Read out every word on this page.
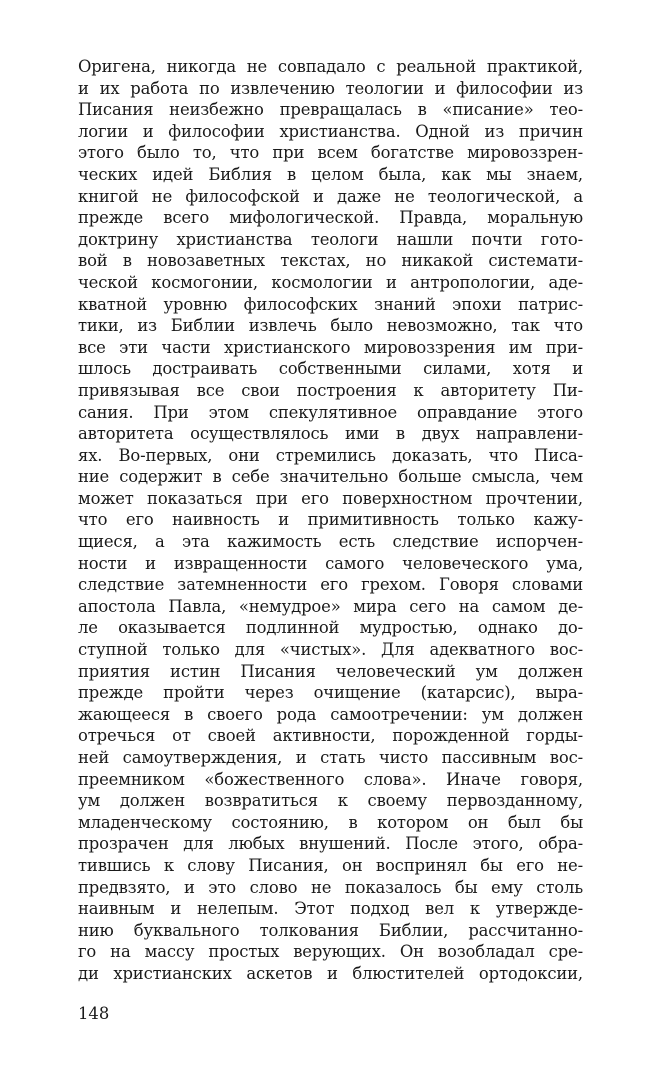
Оригена, никогда не совпадало с реальной практикой,
и их работа по извлечению теологии и философии из
Писания неизбежно превращалась в «писание» тео-
логии и философии христианства. Одной из причин
этого было то, что при всем богатстве мировоззрен-
ческих идей Библия в целом была, как мы знаем,
книгой не философской и даже не теологической, а
прежде всего мифологической. Правда, моральную
доктрину христианства теологи нашли почти гото-
вой в новозаветных текстах, но никакой системати-
ческой космогонии, космологии и антропологии, аде-
кватной уровню философских знаний эпохи патрис-
тики, из Библии извлечь было невозможно, так что
все эти части христианского мировоззрения им при-
шлось достраивать собственными силами, хотя и
привязывая все свои построения к авторитету Пи-
сания. При этом спекулятивное оправдание этого
авторитета осуществлялось ими в двух направлени-
ях. Во-первых, они стремились доказать, что Писа-
ние содержит в себе значительно больше смысла, чем
может показаться при его поверхностном прочтении,
что его наивность и примитивность только кажу-
щиеся, а эта кажимость есть следствие испорчен-
ности и извращенности самого человеческого ума,
следствие затемненности его грехом. Говоря словами
апостола Павла, «немудрое» мира сего на самом де-
ле оказывается подлинной мудростью, однако до-
ступной только для «чистых». Для адекватного вос-
приятия истин Писания человеческий ум должен
прежде пройти через очищение (катарсис), выра-
жающееся в своего рода самоотречении: ум должен
отречься от своей активности, порожденной горды-
ней самоутверждения, и стать чисто пассивным вос-
преемником «божественного слова». Иначе говоря,
ум должен возвратиться к своему первозданному,
младенческому состоянию, в котором он был бы
прозрачен для любых внушений. После этого, обра-
тившись к слову Писания, он воспринял бы его не-
предвзято, и это слово не показалось бы ему столь
наивным и нелепым. Этот подход вел к утвержде-
нию буквального толкования Библии, рассчитанно-
го на массу простых верующих. Он возобладал сре-
ди христианских аскетов и блюстителей ортодоксии,
148
